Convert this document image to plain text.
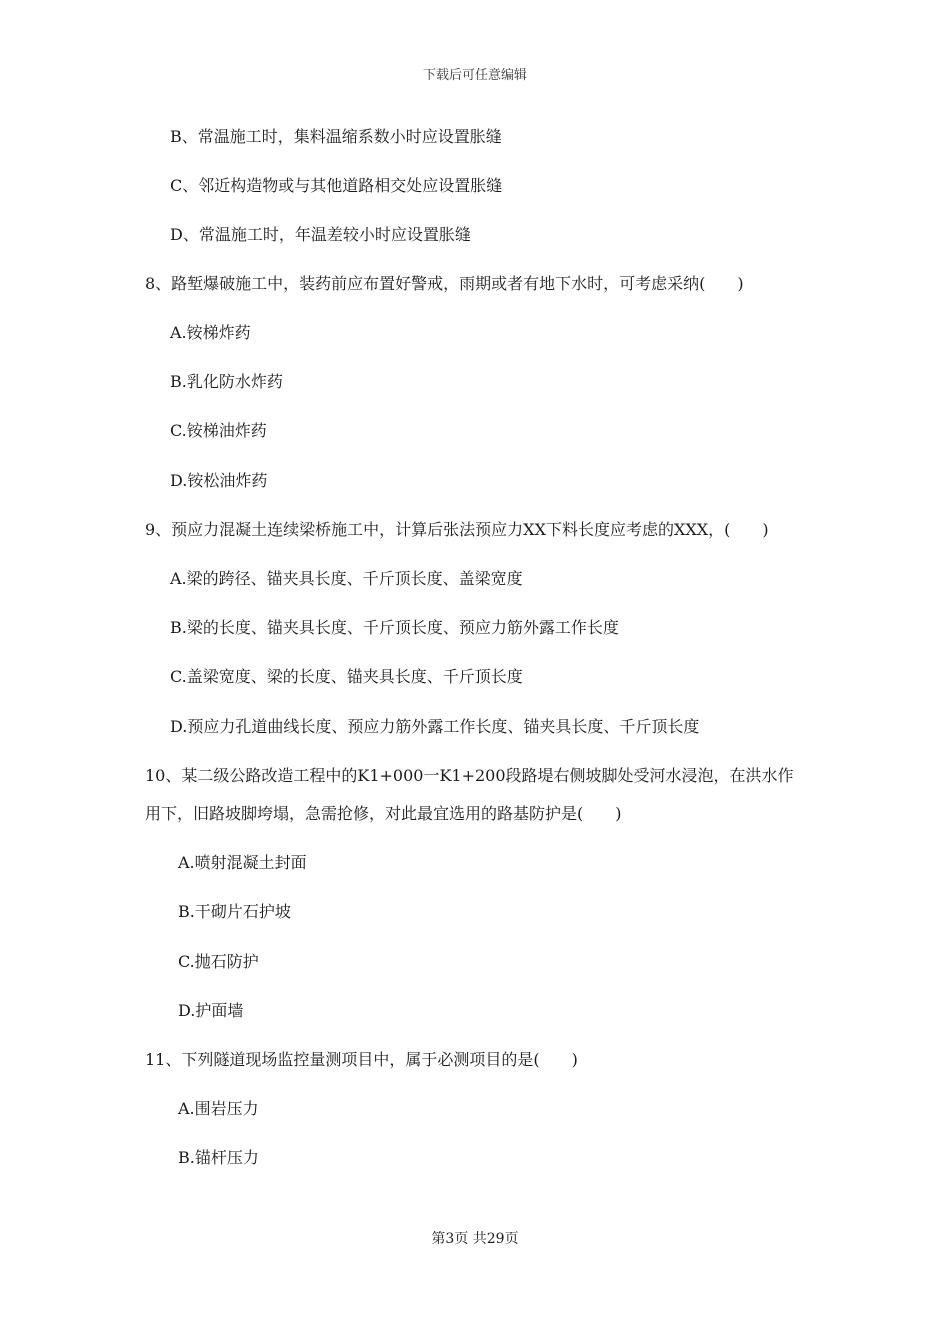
下载后可任意编辑
B、常温施工时，集料温缩系数小时应设置胀缝
C、邻近构造物或与其他道路相交处应设置胀缝
D、常温施工时，年温差较小时应设置胀缝
8、路堑爆破施工中，装药前应布置好警戒，雨期或者有地下水时，可考虑采纳(　　)
A.铵梯炸药
B.乳化防水炸药
C.铵梯油炸药
D.铵松油炸药
9、预应力混凝土连续梁桥施工中，计算后张法预应力XX下料长度应考虑的XXX，(　　)
A.梁的跨径、锚夹具长度、千斤顶长度、盖梁宽度
B.梁的长度、锚夹具长度、千斤顶长度、预应力筋外露工作长度
C.盖梁宽度、梁的长度、锚夹具长度、千斤顶长度
D.预应力孔道曲线长度、预应力筋外露工作长度、锚夹具长度、千斤顶长度
10、某二级公路改造工程中的K1+000一K1+200段路堤右侧坡脚处受河水浸泡，在洪水作
用下，旧路坡脚垮塌，急需抢修，对此最宜选用的路基防护是(　　)
A.喷射混凝土封面
B.干砌片石护坡
C.抛石防护
D.护面墙
11、下列隧道现场监控量测项目中，属于必测项目的是(　　)
A.围岩压力
B.锚杆压力
第3页 共29页
